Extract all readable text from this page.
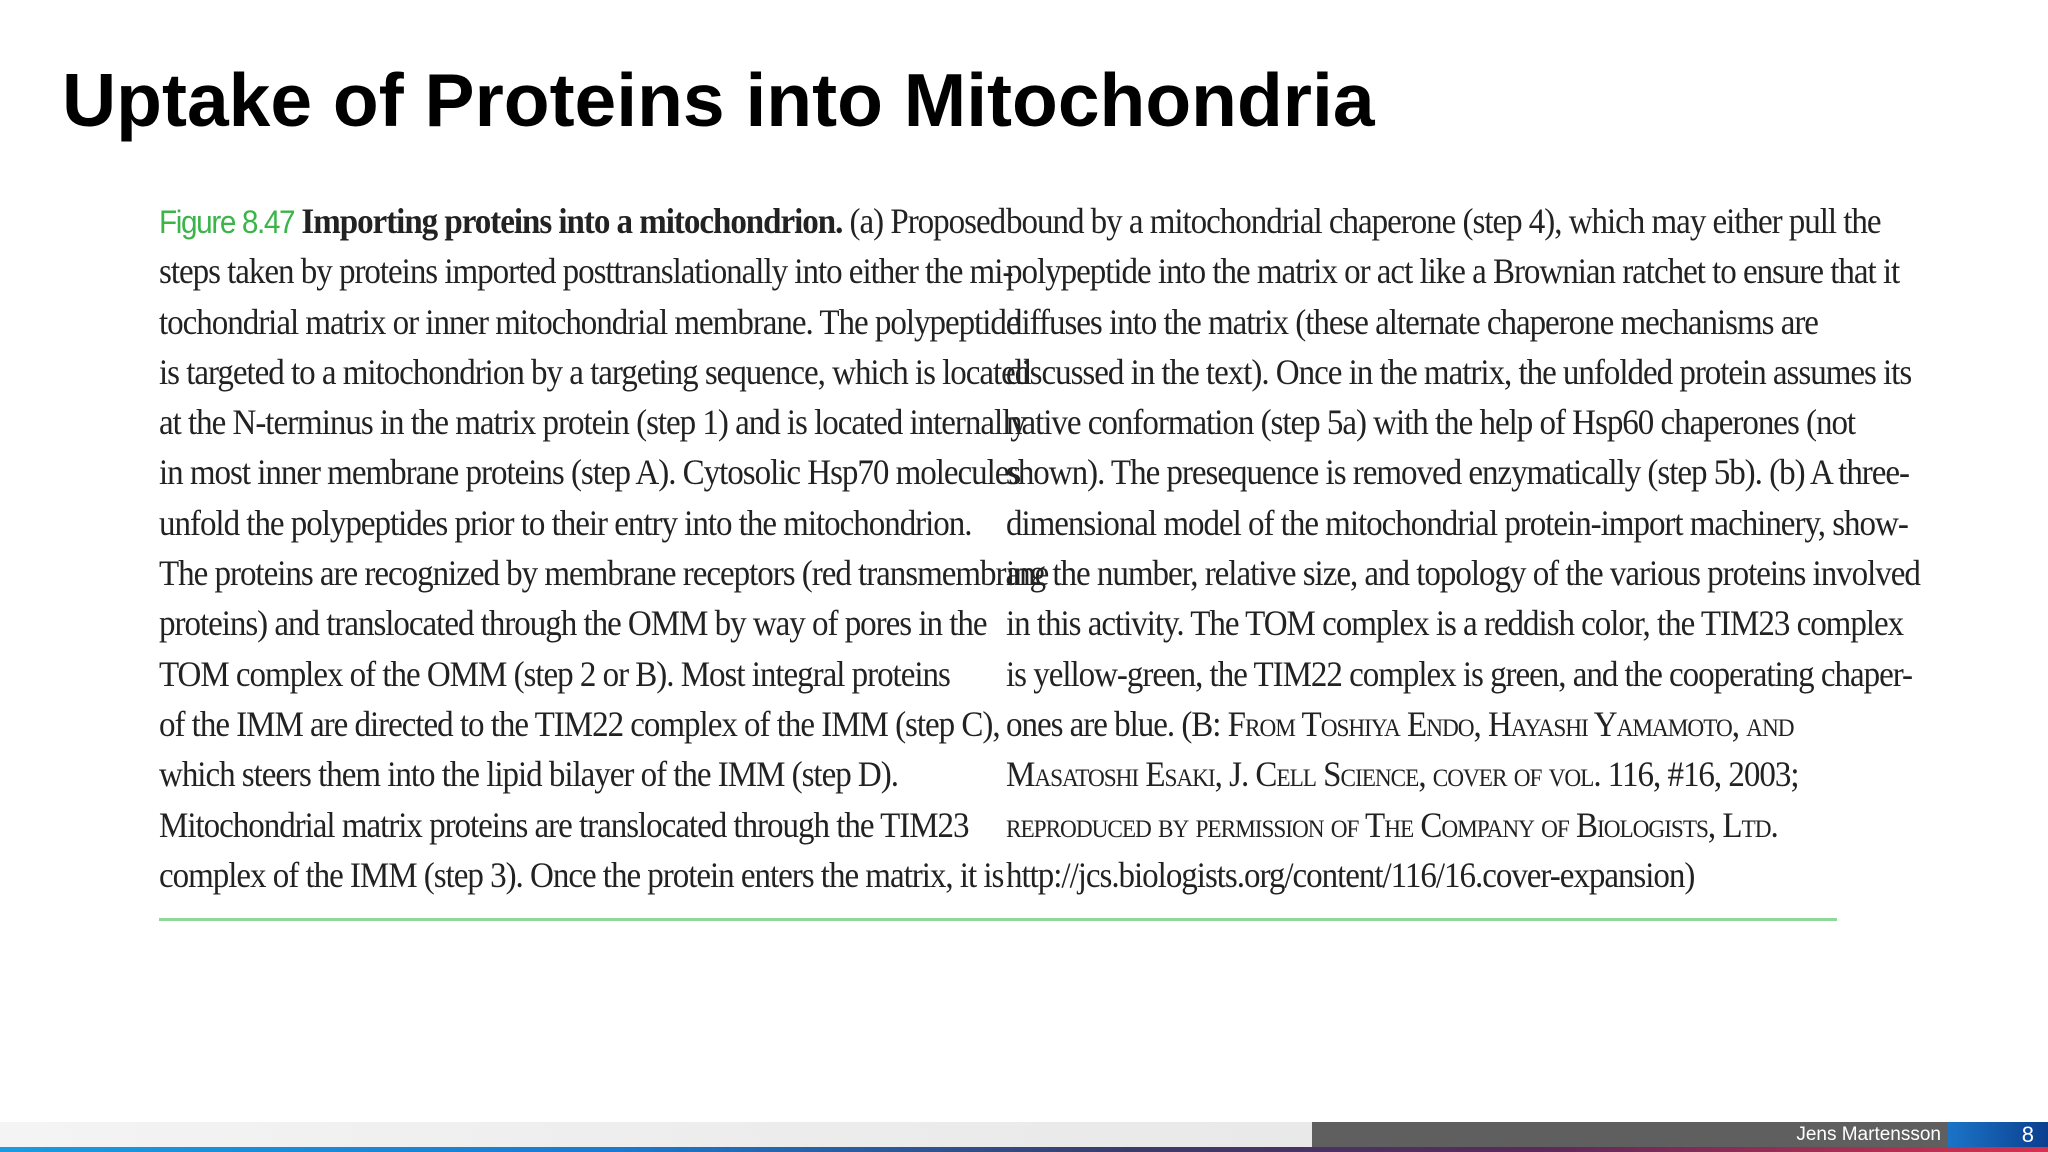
Uptake of Proteins into Mitochondria
Figure 8.47 Importing proteins into a mitochondrion. (a) Proposed
steps taken by proteins imported posttranslationally into either the mi-
tochondrial matrix or inner mitochondrial membrane. The polypeptide
is targeted to a mitochondrion by a targeting sequence, which is located
at the N-terminus in the matrix protein (step 1) and is located internally
in most inner membrane proteins (step A). Cytosolic Hsp70 molecules
unfold the polypeptides prior to their entry into the mitochondrion.
The proteins are recognized by membrane receptors (red transmembrane
proteins) and translocated through the OMM by way of pores in the
TOM complex of the OMM (step 2 or B). Most integral proteins
of the IMM are directed to the TIM22 complex of the IMM (step C),
which steers them into the lipid bilayer of the IMM (step D).
Mitochondrial matrix proteins are translocated through the TIM23
complex of the IMM (step 3). Once the protein enters the matrix, it is
bound by a mitochondrial chaperone (step 4), which may either pull the
polypeptide into the matrix or act like a Brownian ratchet to ensure that it
diffuses into the matrix (these alternate chaperone mechanisms are
discussed in the text). Once in the matrix, the unfolded protein assumes its
native conformation (step 5a) with the help of Hsp60 chaperones (not
shown). The presequence is removed enzymatically (step 5b). (b) A three-
dimensional model of the mitochondrial protein-import machinery, show-
ing the number, relative size, and topology of the various proteins involved
in this activity. The TOM complex is a reddish color, the TIM23 complex
is yellow-green, the TIM22 complex is green, and the cooperating chaper-
ones are blue. (B: From Toshiya Endo, Hayashi Yamamoto, and
Masatoshi Esaki, J. Cell Science, cover of vol. 116, #16, 2003;
reproduced by permission of The Company of Biologists, Ltd.
http://jcs.biologists.org/content/116/16.cover-expansion)
Jens Martensson	8
